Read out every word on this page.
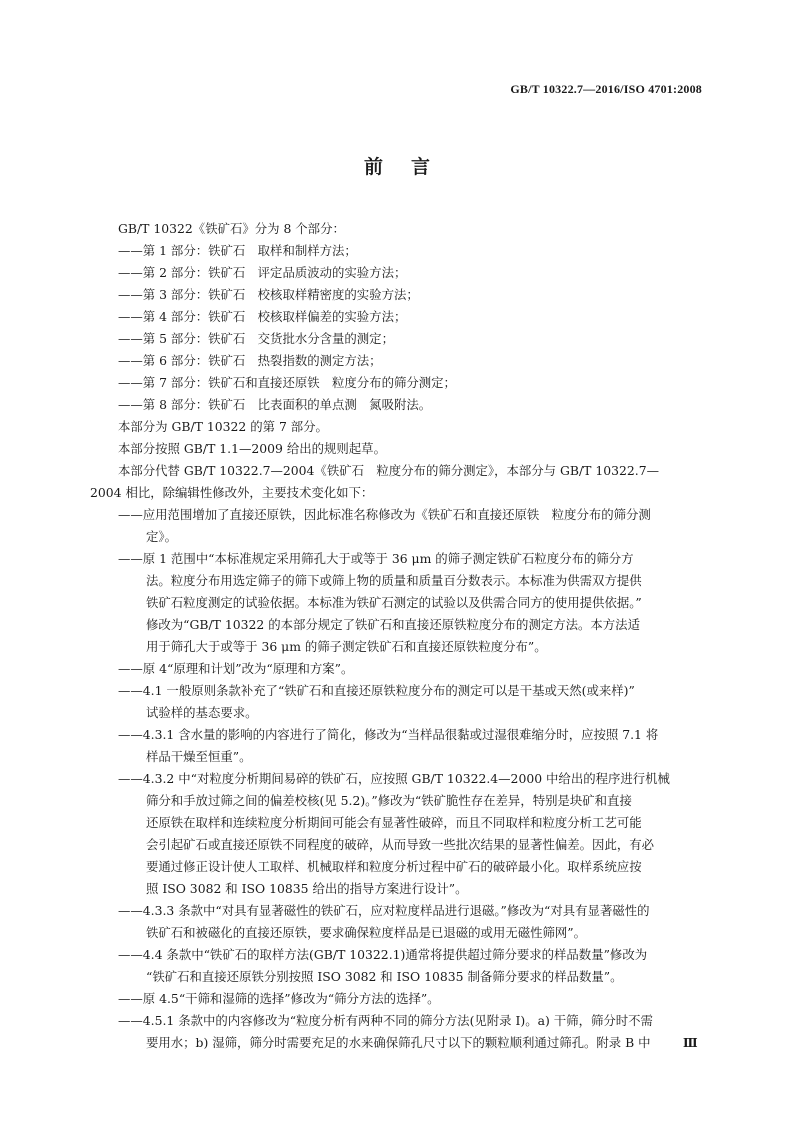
GB/T 10322.7—2016/ISO 4701:2008
前言

GB/T 10322《铁矿石》分为 8 个部分：

——第 1 部分：铁矿石　取样和制样方法；

——第 2 部分：铁矿石　评定品质波动的实验方法；

——第 3 部分：铁矿石　校核取样精密度的实验方法；

——第 4 部分：铁矿石　校核取样偏差的实验方法；

——第 5 部分：铁矿石　交货批水分含量的测定；

——第 6 部分：铁矿石　热裂指数的测定方法；

——第 7 部分：铁矿石和直接还原铁　粒度分布的筛分测定；

——第 8 部分：铁矿石　比表面积的单点测　氮吸附法。

本部分为 GB/T 10322 的第 7 部分。

本部分按照 GB/T 1.1—2009 给出的规则起草。

本部分代替 GB/T 10322.7—2004《铁矿石　粒度分布的筛分测定》，本部分与 GB/T 10322.7—

2004 相比，除编辑性修改外，主要技术变化如下：

——应用范围增加了直接还原铁，因此标准名称修改为《铁矿石和直接还原铁　粒度分布的筛分测

定》。

——原 1 范围中“本标准规定采用筛孔大于或等于 36 μm 的筛子测定铁矿石粒度分布的筛分方

法。粒度分布用选定筛子的筛下或筛上物的质量和质量百分数表示。本标准为供需双方提供

铁矿石粒度测定的试验依据。本标准为铁矿石测定的试验以及供需合同方的使用提供依据。”

修改为“GB/T 10322 的本部分规定了铁矿石和直接还原铁粒度分布的测定方法。本方法适

用于筛孔大于或等于 36 μm 的筛子测定铁矿石和直接还原铁粒度分布”。

——原 4“原理和计划”改为“原理和方案”。

——4.1 一般原则条款补充了“铁矿石和直接还原铁粒度分布的测定可以是干基或天然(或来样)”

试验样的基态要求。

——4.3.1 含水量的影响的内容进行了简化，修改为“当样品很黏或过湿很难缩分时，应按照 7.1 将

样品干燥至恒重”。

——4.3.2 中“对粒度分析期间易碎的铁矿石，应按照 GB/T 10322.4—2000 中给出的程序进行机械

筛分和手放过筛之间的偏差校核(见 5.2)。”修改为“铁矿脆性存在差异，特别是块矿和直接

还原铁在取样和连续粒度分析期间可能会有显著性破碎，而且不同取样和粒度分析工艺可能

会引起矿石或直接还原铁不同程度的破碎，从而导致一些批次结果的显著性偏差。因此，有必

要通过修正设计使人工取样、机械取样和粒度分析过程中矿石的破碎最小化。取样系统应按

照 ISO 3082 和 ISO 10835 给出的指导方案进行设计”。

——4.3.3 条款中“对具有显著磁性的铁矿石，应对粒度样品进行退磁。”修改为“对具有显著磁性的

铁矿石和被磁化的直接还原铁，要求确保粒度样品是已退磁的或用无磁性筛网”。

——4.4 条款中“铁矿石的取样方法(GB/T 10322.1)通常将提供超过筛分要求的样品数量”修改为

“铁矿石和直接还原铁分别按照 ISO 3082 和 ISO 10835 制备筛分要求的样品数量”。

——原 4.5“干筛和湿筛的选择”修改为“筛分方法的选择”。

——4.5.1 条款中的内容修改为“粒度分析有两种不同的筛分方法(见附录 I)。a) 干筛，筛分时不需

要用水；b) 湿筛，筛分时需要充足的水来确保筛孔尺寸以下的颗粒顺利通过筛孔。附录 B 中	Ⅲ
